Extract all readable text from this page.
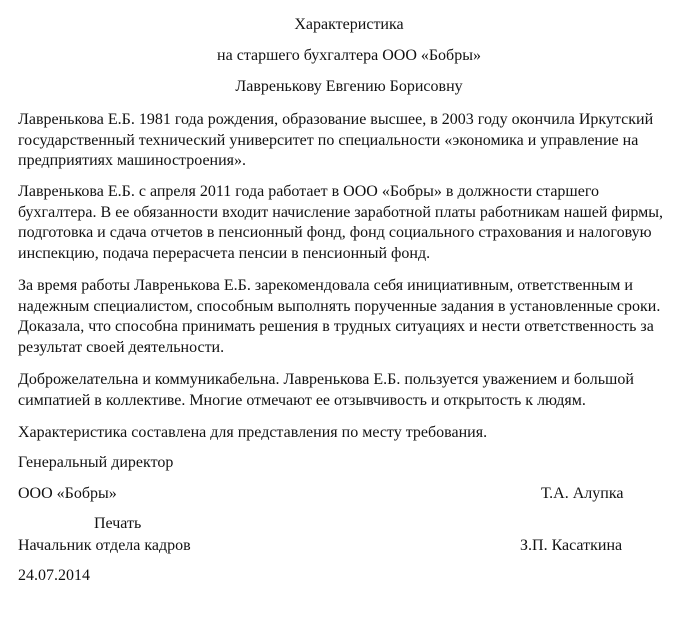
Характеристика
на старшего бухгалтера ООО «Бобры»
Лавренькову Евгению Борисовну

Лавренькова Е.Б. 1981 года рождения, образование высшее, в 2003 году окончила Иркутский
государственный технический университет по специальности «экономика и управление на
предприятиях машиностроения».

Лавренькова Е.Б. с апреля 2011 года работает в ООО «Бобры» в должности старшего
бухгалтера. В ее обязанности входит начисление заработной платы работникам нашей фирмы,
подготовка и сдача отчетов в пенсионный фонд, фонд социального страхования и налоговую
инспекцию, подача перерасчета пенсии в пенсионный фонд.

За время работы Лавренькова Е.Б. зарекомендовала себя инициативным, ответственным и
надежным специалистом, способным выполнять порученные задания в установленные сроки.
Доказала, что способна принимать решения в трудных ситуациях и нести ответственность за
результат своей деятельности.

Доброжелательна и коммуникабельна. Лавренькова Е.Б. пользуется уважением и большой
симпатией в коллективе. Многие отмечают ее отзывчивость и открытость к людям.

Характеристика составлена для представления по месту требования.

Генеральный директор
ООО «Бобры»	Т.А. Алупка
Печать
Начальник отдела кадров	З.П. Касаткина
24.07.2014
